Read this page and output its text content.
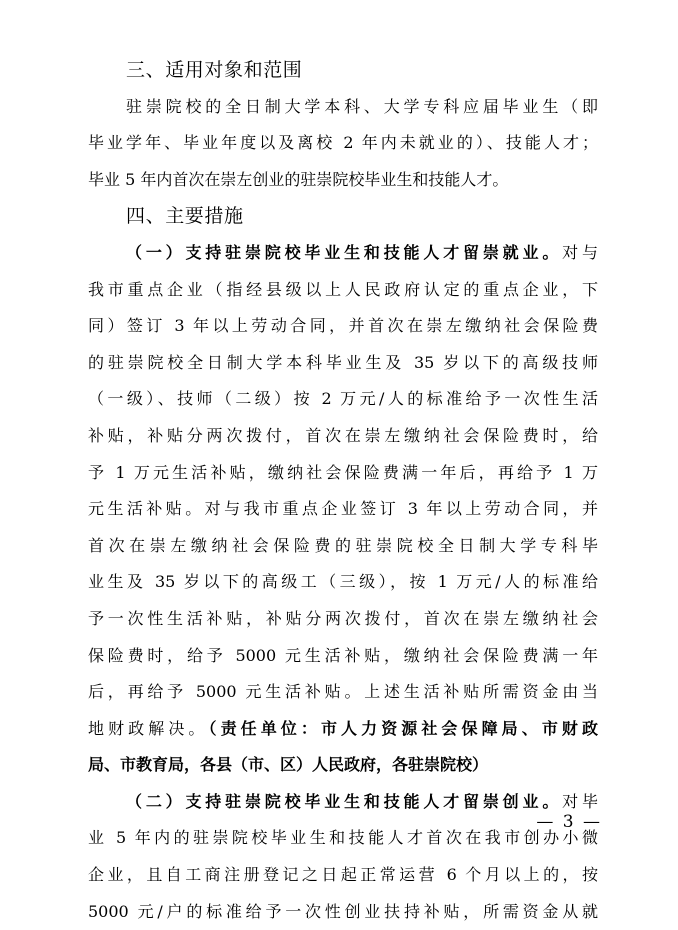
三、适用对象和范围
驻崇院校的全日制大学本科、大学专科应届毕业生（即
毕业学年、毕业年度以及离校 2 年内未就业的）、技能人才；
毕业 5 年内首次在崇左创业的驻崇院校毕业生和技能人才。
四、主要措施
（一）支持驻崇院校毕业生和技能人才留崇就业。对与
我市重点企业（指经县级以上人民政府认定的重点企业，下
同）签订 3 年以上劳动合同，并首次在崇左缴纳社会保险费
的驻崇院校全日制大学本科毕业生及 35 岁以下的高级技师
（一级）、技师（二级）按 2 万元/人的标准给予一次性生活
补贴，补贴分两次拨付，首次在崇左缴纳社会保险费时，给
予 1 万元生活补贴，缴纳社会保险费满一年后，再给予 1 万
元生活补贴。对与我市重点企业签订 3 年以上劳动合同，并
首次在崇左缴纳社会保险费的驻崇院校全日制大学专科毕
业生及 35 岁以下的高级工（三级），按 1 万元/人的标准给
予一次性生活补贴，补贴分两次拨付，首次在崇左缴纳社会
保险费时，给予 5000 元生活补贴，缴纳社会保险费满一年
后，再给予 5000 元生活补贴。上述生活补贴所需资金由当
地财政解决。（责任单位：市人力资源社会保障局、市财政
局、市教育局，各县（市、区）人民政府，各驻崇院校）
（二）支持驻崇院校毕业生和技能人才留崇创业。对毕
业 5 年内的驻崇院校毕业生和技能人才首次在我市创办小微
企业，且自工商注册登记之日起正常运营 6 个月以上的，按
5000 元/户的标准给予一次性创业扶持补贴，所需资金从就
— 3 —
